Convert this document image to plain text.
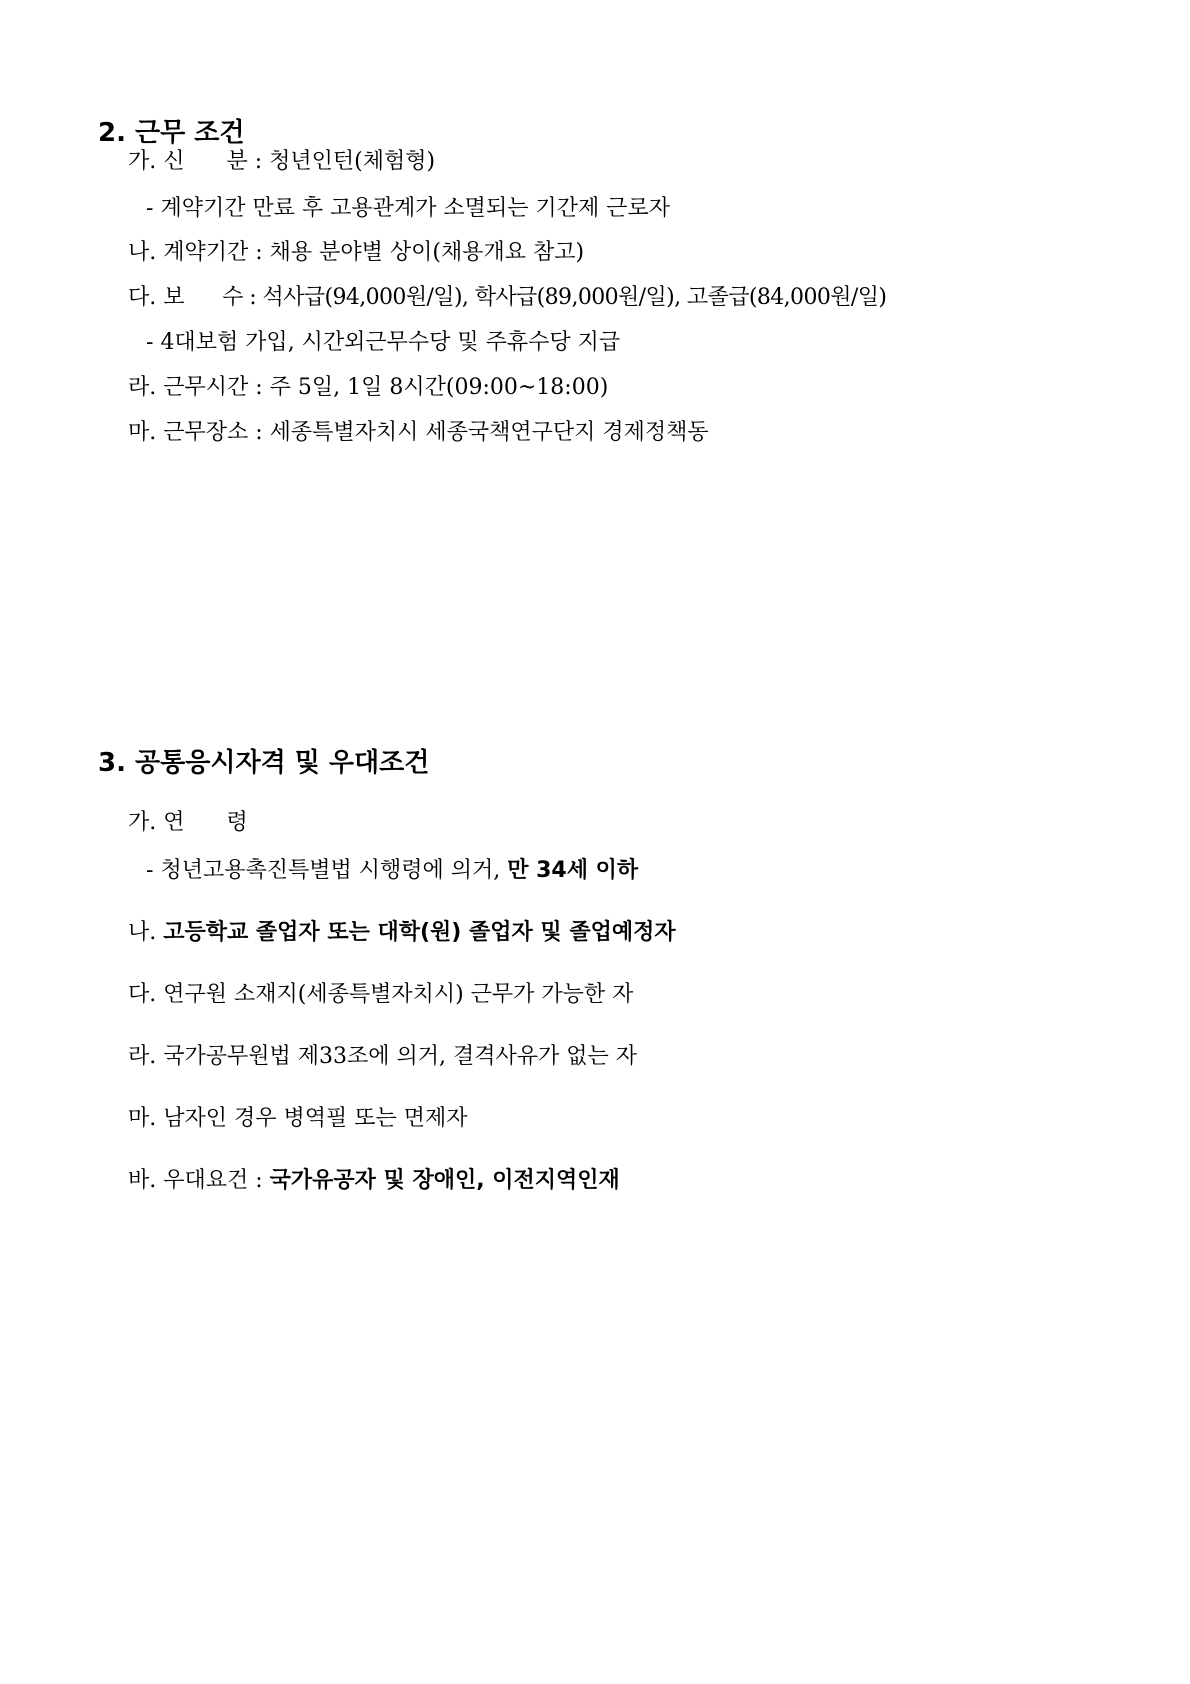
2. 근무 조건

가. 신      분 : 청년인턴(체험형)

- 계약기간 만료 후 고용관계가 소멸되는 기간제 근로자

나. 계약기간 : 채용 분야별 상이(채용개요 참고)

다. 보      수 : 석사급(94,000원/일), 학사급(89,000원/일), 고졸급(84,000원/일)

- 4대보험 가입, 시간외근무수당 및 주휴수당 지급

라. 근무시간 : 주 5일, 1일 8시간(09:00~18:00)

마. 근무장소 : 세종특별자치시 세종국책연구단지 경제정책동

3. 공통응시자격 및 우대조건

가. 연      령

- 청년고용촉진특별법 시행령에 의거, 만 34세 이하

나. 고등학교 졸업자 또는 대학(원) 졸업자 및 졸업예정자

다. 연구원 소재지(세종특별자치시) 근무가 가능한 자

라. 국가공무원법 제33조에 의거, 결격사유가 없는 자

마. 남자인 경우 병역필 또는 면제자

바. 우대요건 : 국가유공자 및 장애인, 이전지역인재
